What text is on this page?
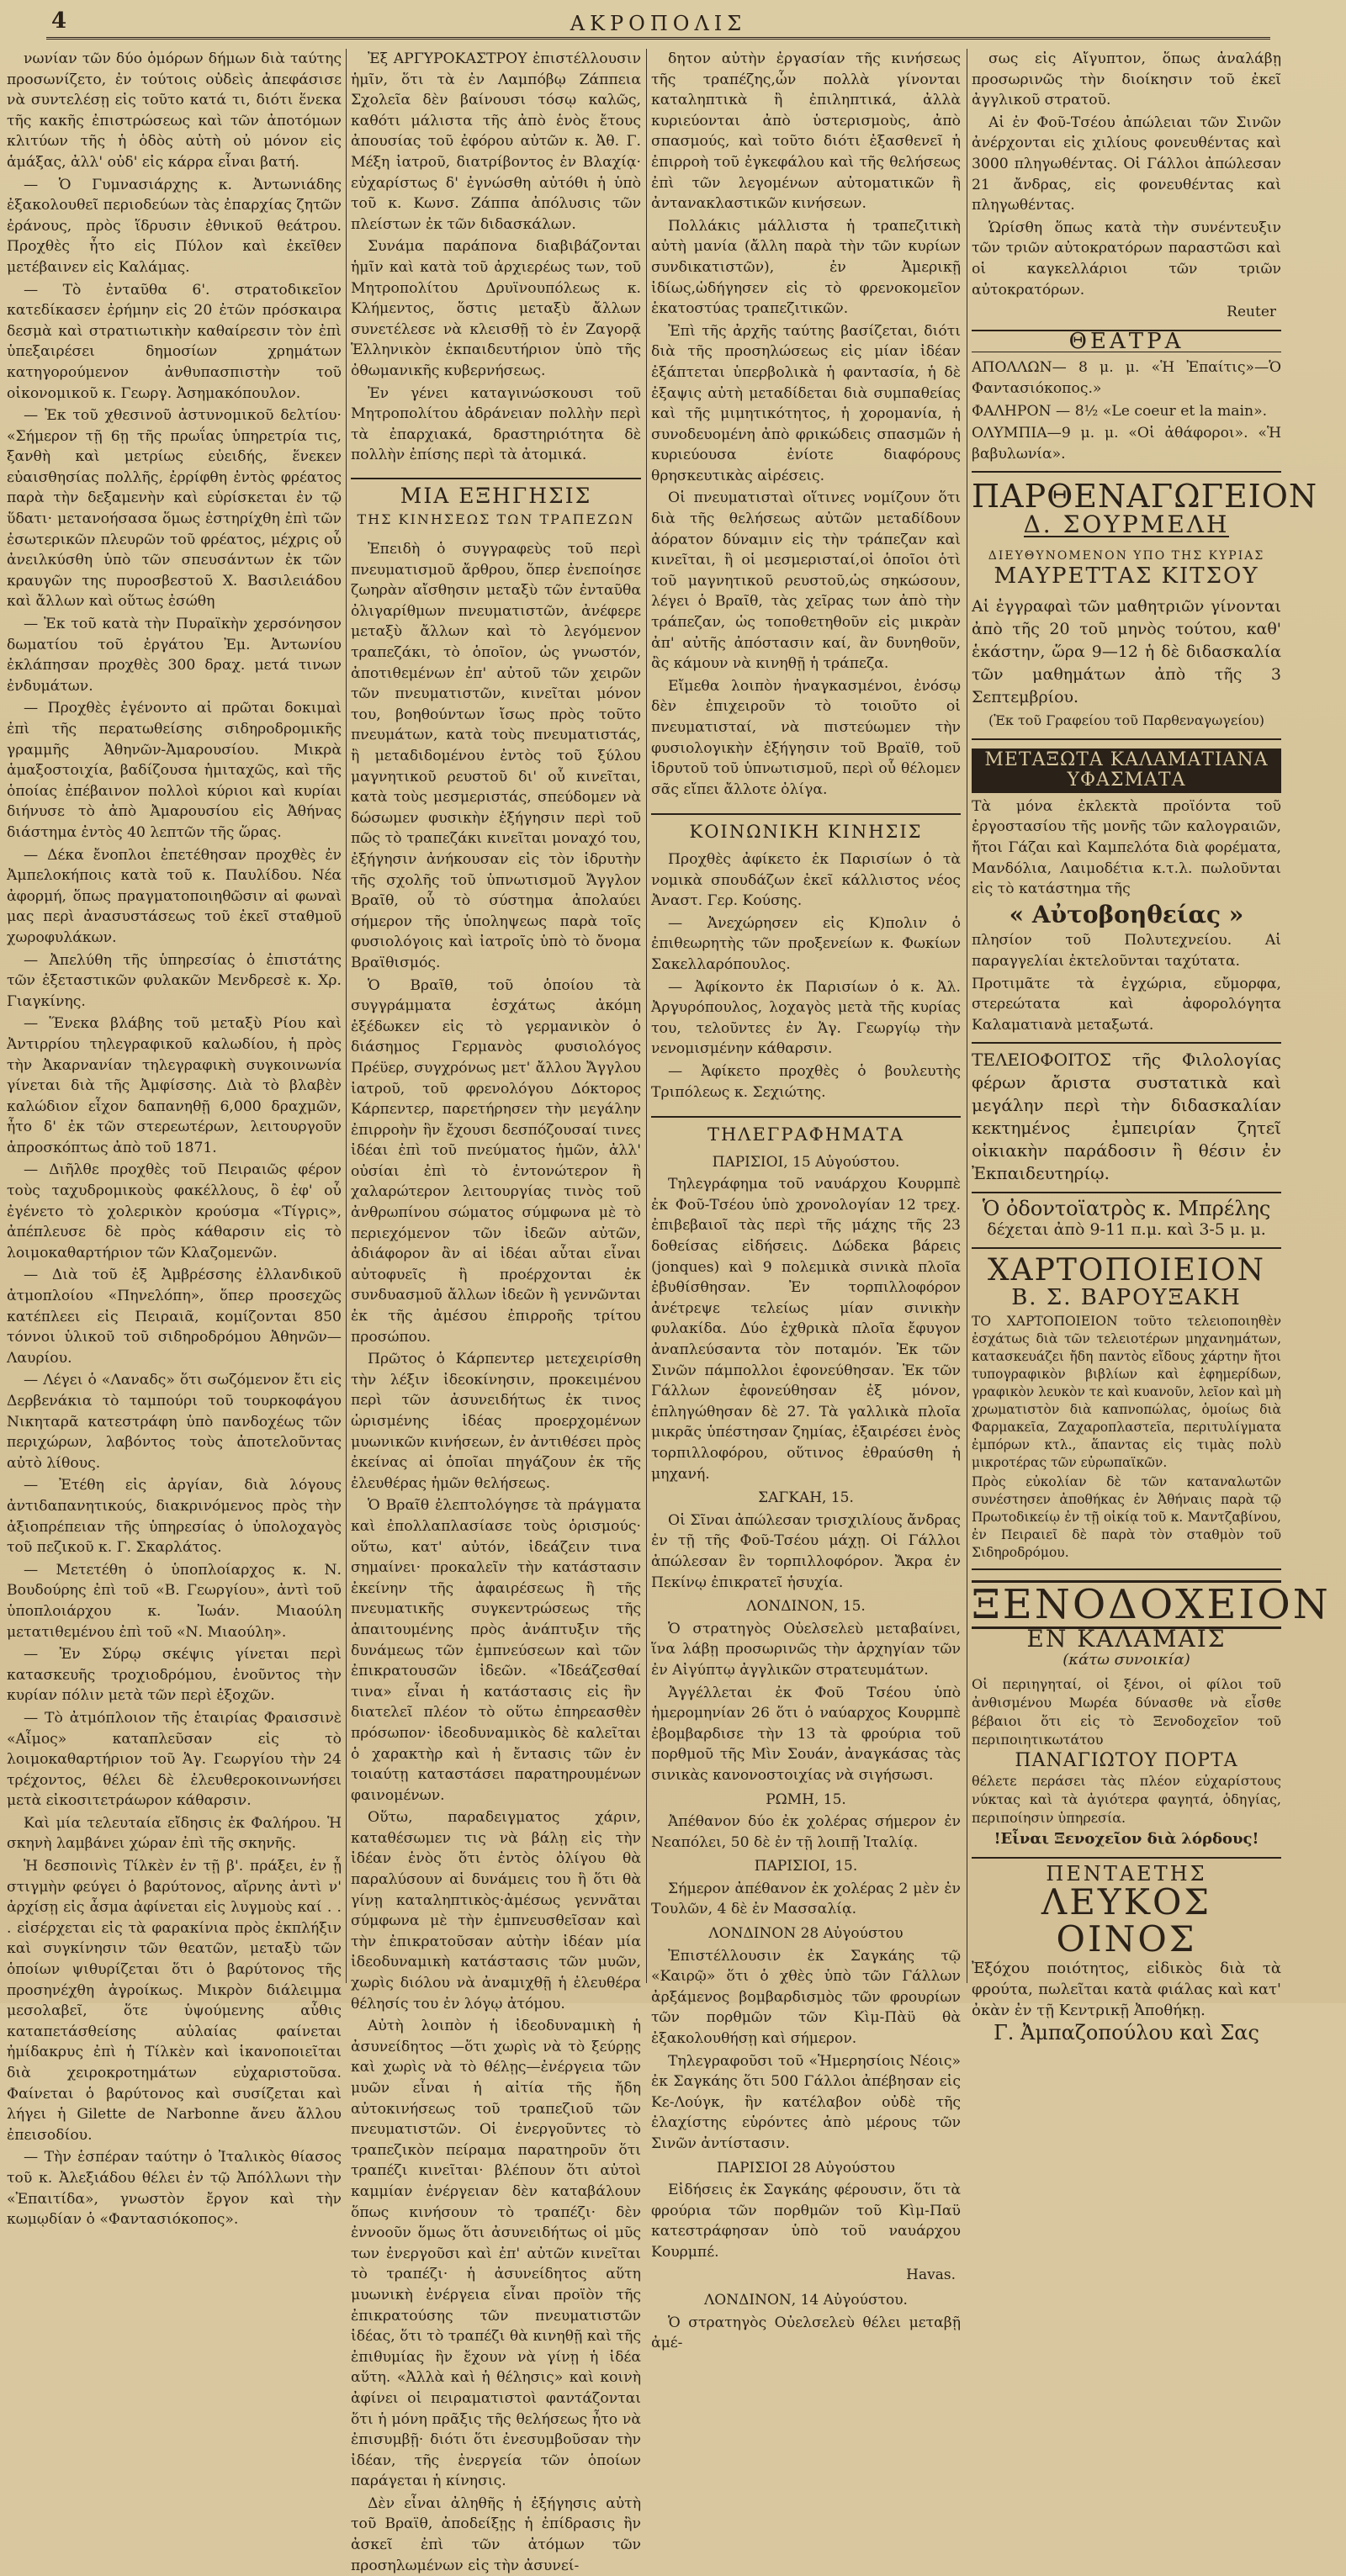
4	ΑΚΡΟΠΟΛΙΣ

νωνίαν τῶν δύο ὁμόρων δήμων διὰ ταύτης προσωνίζετο, ἐν τούτοις οὐδεὶς ἀπεφάσισε νὰ συντελέσῃ εἰς τοῦτο κατά τι, διότι ἕνεκα τῆς κακῆς ἐπιστρώσεως καὶ τῶν ἀποτόμων κλιτύων τῆς ἡ ὁδὸς αὐτὴ οὐ μόνον εἰς ἁμάξας, ἀλλ' οὐδ' εἰς κάρρα εἶναι βατή.

— Ὁ Γυμνασιάρχης κ. Ἀντωνιάδης ἐξακολουθεῖ περιοδεύων τὰς ἐπαρχίας ζητῶν ἐράνους, πρὸς ἵδρυσιν ἐθνικοῦ θεάτρου. Προχθὲς ἦτο εἰς Πύλον καὶ ἐκεῖθεν μετέβαινεν εἰς Καλάμας.

— Τὸ ἐνταῦθα 6'. στρατοδικεῖον κατεδίκασεν ἐρήμην εἰς 20 ἐτῶν πρόσκαιρα δεσμὰ καὶ στρατιωτικὴν καθαίρεσιν τὸν ἐπὶ ὑπεξαιρέσει δημοσίων χρημάτων κατηγορούμενον ἀνθυπασπιστὴν τοῦ οἰκονομικοῦ κ. Γεωργ. Ἀσημακόπουλον.

— Ἐκ τοῦ χθεσινοῦ ἀστυνομικοῦ δελτίου· «Σήμερον τῇ 6ῃ τῆς πρωΐας ὑπηρετρία τις, ξανθὴ καὶ μετρίως εὐειδής, ἕνεκεν εὐαισθησίας πολλῆς, ἐρρίφθη ἐντὸς φρέατος παρὰ τὴν δεξαμενὴν καὶ εὑρίσκεται ἐν τῷ ὕδατι· μετανοήσασα ὅμως ἐστηρίχθη ἐπὶ τῶν ἐσωτερικῶν πλευρῶν τοῦ φρέατος, μέχρις οὗ ἀνειλκύσθη ὑπὸ τῶν σπευσάντων ἐκ τῶν κραυγῶν της πυροσβεστοῦ Χ. Βασιλειάδου καὶ ἄλλων καὶ οὕτως ἐσώθη

— Ἐκ τοῦ κατὰ τὴν Πυραϊκὴν χερσόνησον δωματίου τοῦ ἐργάτου Ἐμ. Ἀντωνίου ἐκλάπησαν προχθὲς 300 δραχ. μετά τινων ἐνδυμάτων.

— Προχθὲς ἐγένοντο αἱ πρῶται δοκιμαὶ ἐπὶ τῆς περατωθείσης σιδηροδρομικῆς γραμμῆς Ἀθηνῶν-Ἀμαρουσίου. Μικρὰ ἁμαξοστοιχία, βαδίζουσα ἡμιταχῶς, καὶ τῆς ὁποίας ἐπέβαινον πολλοὶ κύριοι καὶ κυρίαι διήνυσε τὸ ἀπὸ Ἀμαρουσίου εἰς Ἀθήνας διάστημα ἐντὸς 40 λεπτῶν τῆς ὥρας.

— Δέκα ἔνοπλοι ἐπετέθησαν προχθὲς ἐν Ἀμπελοκήποις κατὰ τοῦ κ. Παυλίδου. Νέα ἀφορμή, ὅπως πραγματοποιηθῶσιν αἱ φωναὶ μας περὶ ἀνασυστάσεως τοῦ ἐκεῖ σταθμοῦ χωροφυλάκων.

— Ἀπελύθη τῆς ὑπηρεσίας ὁ ἐπιστάτης τῶν ἐξεταστικῶν φυλακῶν Μενδρεσὲ κ. Χρ. Γιαγκίνης.

— Ἕνεκα βλάβης τοῦ μεταξὺ Ρίου καὶ Ἀντιρρίου τηλεγραφικοῦ καλωδίου, ἡ πρὸς τὴν Ἀκαρνανίαν τηλεγραφικὴ συγκοινωνία γίνεται διὰ τῆς Ἀμφίσσης. Διὰ τὸ βλαβὲν καλώδιον εἶχον δαπανηθῇ 6,000 δραχμῶν, ἦτο δ' ἐκ τῶν στερεωτέρων, λειτουργοῦν ἀπροσκόπτως ἀπὸ τοῦ 1871.

— Διῆλθε προχθὲς τοῦ Πειραιῶς φέρον τοὺς ταχυδρομικοὺς φακέλλους, ὃ ἐφ' οὗ ἐγένετο τὸ χολερικὸν κρούσμα «Τίγρις», ἀπέπλευσε δὲ πρὸς κάθαρσιν εἰς τὸ λοιμοκαθαρτήριον τῶν Κλαζομενῶν.

— Διὰ τοῦ ἐξ Ἀμβρέσσης ἐλλανδικοῦ ἀτμοπλοίου «Πηνελόπη», ὅπερ προσεχῶς κατέπλεει εἰς Πειραιᾶ, κομίζονται 850 τόννοι ὑλικοῦ τοῦ σιδηροδρόμου Ἀθηνῶν—Λαυρίου.

— Λέγει ὁ «Λαναδς» ὅτι σωζόμενον ἔτι εἰς Δερβενάκια τὸ ταμπούρι τοῦ τουρκοφάγου Νικηταρᾶ κατεστράφη ὑπὸ πανδοχέως τῶν περιχώρων, λαβόντος τοὺς ἀποτελοῦντας αὐτὸ λίθους.

— Ἐτέθη εἰς ἀργίαν, διὰ λόγους ἀντιδαπανητικούς, διακρινόμενος πρὸς τὴν ἀξιοπρέπειαν τῆς ὑπηρεσίας ὁ ὑπολοχαγὸς τοῦ πεζικοῦ κ. Γ. Σκαρλάτος.

— Μετετέθη ὁ ὑποπλοίαρχος κ. Ν. Βουδούρης ἐπὶ τοῦ «Β. Γεωργίου», ἀντὶ τοῦ ὑποπλοιάρχου κ. Ἰωάν. Μιαούλη μετατιθεμένου ἐπὶ τοῦ «Ν. Μιαούλη».

— Ἐν Σύρῳ σκέψις γίνεται περὶ κατασκευῆς τροχιοδρόμου, ἑνοῦντος τὴν κυρίαν πόλιν μετὰ τῶν περὶ ἐξοχῶν.

— Τὸ ἀτμόπλοιον τῆς ἑταιρίας Φραισσινὲ «Αἶμος» καταπλεῦσαν εἰς τὸ λοιμοκαθαρτήριον τοῦ Ἁγ. Γεωργίου τὴν 24 τρέχοντος, θέλει δὲ ἐλευθεροκοινωνήσει μετὰ εἰκοσιτετράωρον κάθαρσιν.

Καὶ μία τελευταία εἴδησις ἐκ Φαλήρου. Ἡ σκηνὴ λαμβάνει χώραν ἐπὶ τῆς σκηνῆς.

Ἡ δεσποινὶς Τίλκὲν ἐν τῇ β'. πράξει, ἐν ᾗ στιγμὴν φεύγει ὁ βαρύτονος, αἴρνης ἀντὶ ν' ἀρχίσῃ εἰς ἆσμα ἀφίνεται εἰς λυγμοὺς καί . . . εἰσέρχεται εἰς τὰ φαρακίνια πρὸς ἐκπλήξιν καὶ συγκίνησιν τῶν θεατῶν, μεταξὺ τῶν ὁποίων ψιθυρίζεται ὅτι ὁ βαρύτονος τῆς προσηνέχθη ἀγροίκως. Μικρὸν διάλειμμα μεσολαβεῖ, ὅτε ὑψούμενης αὖθις καταπετάσθείσης αὐλαίας φαίνεται ἠμίδακρυς ἐπὶ ἡ Τίλκὲν καὶ ἱκανοποιεῖται διὰ χειροκροτημάτων εὐχαριστοῦσα. Φαίνεται ὁ βαρύτονος καὶ συσίζεται καὶ λήγει ἡ Gilette de Narbonne ἄνευ ἄλλου ἐπεισοδίου.

— Τὴν ἑσπέραν ταύτην ὁ Ἰταλικὸς θίασος τοῦ κ. Ἀλεξιάδου θέλει ἐν τῷ Ἀπόλλωνι τὴν «Ἐπαιτίδα», γνωστὸν ἔργον καὶ τὴν κωμῳδίαν ὁ «Φαντασιόκοπος».

Ἐξ ΑΡΓΥΡΟΚΑΣΤΡΟΥ ἐπιστέλλουσιν ἡμῖν, ὅτι τὰ ἐν Λαμπόβῳ Ζάππεια Σχολεῖα δὲν βαίνουσι τόσῳ καλῶς, καθότι μάλιστα τῆς ἀπὸ ἑνὸς ἔτους ἀπουσίας τοῦ ἐφόρου αὐτῶν κ. Ἀθ. Γ. Μέξη ἰατροῦ, διατρίβοντος ἐν Βλαχίᾳ· εὐχαρίστως δ' ἐγνώσθη αὐτόθι ἡ ὑπὸ τοῦ κ. Κωνσ. Ζάππα ἀπόλυσις τῶν πλείστων ἐκ τῶν διδασκάλων.

Συνάμα παράπονα διαβιβάζονται ἡμῖν καὶ κατὰ τοῦ ἀρχιερέως των, τοῦ Μητροπολίτου Δρυϊνουπόλεως κ. Κλήμεντος, ὅστις μεταξὺ ἄλλων συνετέλεσε νὰ κλεισθῇ τὸ ἐν Ζαγορᾷ Ἑλληνικὸν ἐκπαιδευτήριον ὑπὸ τῆς ὀθωμανικῆς κυβερνήσεως.

Ἐν γένει καταγινώσκουσι τοῦ Μητροπολίτου ἀδράνειαν πολλὴν περὶ τὰ ἐπαρχιακά, δραστηριότητα δὲ πολλὴν ἐπίσης περὶ τὰ ἀτομικά.

ΜΙΑ ΕΞΗΓΗΣΙΣ
ΤΗΣ ΚΙΝΗΣΕΩΣ ΤΩΝ ΤΡΑΠΕΖΩΝ

Ἐπειδὴ ὁ συγγραφεὺς τοῦ περὶ πνευματισμοῦ ἄρθρου, ὅπερ ἐνεποίησε ζωηρὰν αἴσθησιν μεταξὺ τῶν ἐνταῦθα ὀλιγαρίθμων πνευματιστῶν, ἀνέφερε μεταξὺ ἄλλων καὶ τὸ λεγόμενον τραπεζάκι, τὸ ὁποῖον, ὡς γνωστόν, ἀποτιθεμένων ἐπ' αὐτοῦ τῶν χειρῶν τῶν πνευματιστῶν, κινεῖται μόνον του, βοηθούντων ἴσως πρὸς τοῦτο πνευμάτων, κατὰ τοὺς πνευματιστάς, ἢ μεταδιδομένου ἐντὸς τοῦ ξύλου μαγνητικοῦ ρευστοῦ δι' οὗ κινεῖται, κατὰ τοὺς μεσμεριστάς, σπεύδομεν νὰ δώσωμεν φυσικὴν ἐξήγησιν περὶ τοῦ πῶς τὸ τραπεζάκι κινεῖται μοναχό του, ἐξήγησιν ἀνήκουσαν εἰς τὸν ἱδρυτὴν τῆς σχολῆς τοῦ ὑπνωτισμοῦ Ἄγγλον Βραῖθ, οὗ τὸ σύστημα ἀπολαύει σήμερον τῆς ὑποληψεως παρὰ τοῖς φυσιολόγοις καὶ ἰατροῖς ὑπὸ τὸ ὄνομα Βραϊθισμός.

Ὁ Βραῖθ, τοῦ ὁποίου τὰ συγγράμματα ἐσχάτως ἀκόμη ἐξέδωκεν εἰς τὸ γερμανικὸν ὁ διάσημος Γερμανὸς φυσιολόγος Πρέϋερ, συγχρόνως μετ' ἄλλου Ἄγγλου ἰατροῦ, τοῦ φρενολόγου Δόκτορος Κάρπεντερ, παρετήρησεν τὴν μεγάλην ἐπιρροὴν ἣν ἔχουσι δεσπόζουσαί τινες ἰδέαι ἐπὶ τοῦ πνεύματος ἡμῶν, ἀλλ' οὐσίαι ἐπὶ τὸ ἐντονώτερον ἢ χαλαρώτερον λειτουργίας τινὸς τοῦ ἀνθρωπίνου σώματος σύμφωνα μὲ τὸ περιεχόμενον τῶν ἰδεῶν αὐτῶν, ἀδιάφορον ἂν αἱ ἰδέαι αὗται εἶναι αὐτοφυεῖς ἢ προέρχονται ἐκ συνδυασμοῦ ἄλλων ἰδεῶν ἢ γεννῶνται ἐκ τῆς ἀμέσου ἐπιρροῆς τρίτου προσώπου.

Πρῶτος ὁ Κάρπεντερ μετεχειρίσθη τὴν λέξιν ἰδεοκίνησιν, προκειμένου περὶ τῶν ἀσυνειδήτως ἐκ τινος ὡρισμένης ἰδέας προερχομένων μυωνικῶν κινήσεων, ἐν ἀντιθέσει πρὸς ἐκείνας αἱ ὁποῖαι πηγάζουν ἐκ τῆς ἐλευθέρας ἡμῶν θελήσεως.

Ὁ Βραῖθ ἐλεπτολόγησε τὰ πράγματα καὶ ἐπολλαπλασίασε τοὺς ὁρισμούς· οὕτω, κατ' αὐτόν, ἰδεάζειν τινα σημαίνει· προκαλεῖν τὴν κατάστασιν ἐκείνην τῆς ἀφαιρέσεως ἢ τῆς πνευματικῆς συγκεντρώσεως τῆς ἀπαιτουμένης πρὸς ἀνάπτυξιν τῆς δυνάμεως τῶν ἐμπνεύσεων καὶ τῶν ἐπικρατουσῶν ἰδεῶν. «Ἰδεάζεσθαί τινα» εἶναι ἡ κατάστασις εἰς ἣν διατελεῖ πλέον τὸ οὕτω ἐπηρεασθὲν πρόσωπον· ἰδεοδυναμικὸς δὲ καλεῖται ὁ χαρακτὴρ καὶ ἡ ἔντασις τῶν ἐν τοιαύτῃ καταστάσει παρατηρουμένων φαινομένων.

Οὕτω, παραδειγματος χάριν, καταθέσωμεν τις νὰ βάλῃ εἰς τὴν ἰδέαν ἑνὸς ὅτι ἐντὸς ὀλίγου θὰ παραλύσουν αἱ δυνάμεις του ἢ ὅτι θὰ γίνῃ καταληπτικὸς·ἀμέσως γεννᾶται σύμφωνα μὲ τὴν ἐμπνευσθεῖσαν καὶ τὴν ἐπικρατοῦσαν αὐτὴν ἰδέαν μία ἰδεοδυναμικὴ κατάστασις τῶν μυῶν, χωρὶς διόλου νὰ ἀναμιχθῇ ἡ ἐλευθέρα θέλησίς του ἐν λόγῳ ἀτόμου.

Αὐτὴ λοιπὸν ἡ ἰδεοδυναμικὴ ἡ ἀσυνείδητος —ὅτι χωρὶς νὰ τὸ ξεύρῃς καὶ χωρὶς νὰ τὸ θέλῃς—ἐνέργεια τῶν μυῶν εἶναι ἡ αἰτία τῆς ἤδη αὐτοκινήσεως τοῦ τραπεζιοῦ τῶν πνευματιστῶν. Οἱ ἐνεργοῦντες τὸ τραπεζικὸν πείραμα παρατηροῦν ὅτι τραπέζι κινεῖται· βλέπουν ὅτι αὐτοὶ καμμίαν ἐνέργειαν δὲν καταβάλουν ὅπως κινήσουν τὸ τραπέζι· δὲν ἐννοοῦν ὅμως ὅτι ἀσυνειδήτως οἱ μῦς των ἐνεργοῦσι καὶ ἐπ' αὐτῶν κινεῖται τὸ τραπέζι· ἡ ἀσυνείδητος αὕτη μυωνικὴ ἐνέργεια εἶναι προϊὸν τῆς ἐπικρατούσης τῶν πνευματιστῶν ἰδέας, ὅτι τὸ τραπέζι θὰ κινηθῇ καὶ τῆς ἐπιθυμίας ἣν ἔχουν νὰ γίνῃ ἡ ἰδέα αὕτη. «Ἀλλὰ καὶ ἡ θέλησις» καὶ κοινὴ ἀφίνει οἱ πειραματιστοὶ φαντάζονται ὅτι ἡ μόνη πρᾶξις τῆς θελήσεως ἦτο νὰ ἐπισυμβῇ· διότι ὅτι ἐνεσυμβοῦσαν τὴν ἰδέαν, τῆς ἐνεργεία τῶν ὁποίων παράγεται ἡ κίνησις.

Δὲν εἶναι ἀληθῆς ἡ ἐξήγησις αὐτὴ τοῦ Βραϊθ, ἀποδείξῃς ἡ ἐπίδρασις ἢν ἀσκεῖ ἐπὶ τῶν ἀτόμων τῶν προσηλωμένων εἰς τὴν ἀσυνεί-

δητον αὐτὴν ἐργασίαν τῆς κινήσεως τῆς τραπέζης,ὧν πολλὰ γίνονται καταληπτικὰ ἢ ἐπιληπτικά, ἀλλὰ κυριεύονται ἀπὸ ὑστερισμοὺς, ἀπὸ σπασμούς, καὶ τοῦτο διότι ἐξασθενεῖ ἡ ἐπιρροὴ τοῦ ἐγκεφάλου καὶ τῆς θελήσεως ἐπὶ τῶν λεγομένων αὐτοματικῶν ἢ ἀντανακλαστικῶν κινήσεων.

Πολλάκις μάλλιστα ἡ τραπεζιτικὴ αὐτὴ μανία (ἄλλη παρὰ τὴν τῶν κυρίων συνδικατιστῶν), ἐν Ἀμερικῇ ἰδίως,ὡδήγησεν εἰς τὸ φρενοκομεῖον ἑκατοστύας τραπεζιτικῶν.

Ἐπὶ τῆς ἀρχῆς ταύτης βασίζεται, διότι διὰ τῆς προσηλώσεως εἰς μίαν ἰδέαν ἐξάπτεται ὑπερβολικὰ ἡ φαντασία, ἡ δὲ ἐξαψις αὐτὴ μεταδίδεται διὰ συμπαθείας καὶ τῆς μιμητικότητος, ἡ χορομανία, ἡ συνοδευομένη ἀπὸ φρικώδεις σπασμῶν ἡ κυριεύουσα ἐνίοτε διαφόρους θρησκευτικὰς αἱρέσεις.

Οἱ πνευματισταὶ οἵτινες νομίζουν ὅτι διὰ τῆς θελήσεως αὐτῶν μεταδίδουν ἀόρατον δύναμιν εἰς τὴν τράπεζαν καὶ κινεῖται, ἢ οἱ μεσμερισταί,οἱ ὁποῖοι ὁτὶ τοῦ μαγνητικοῦ ρευστοῦ,ὡς σηκώσουν, λέγει ὁ Βραῖθ, τὰς χεῖρας των ἀπὸ τὴν τράπεζαν, ὡς τοποθετηθοῦν εἰς μικρὰν ἀπ' αὐτῆς ἀπόστασιν καί, ἂν δυνηθοῦν, ἂς κάμουν νὰ κινηθῇ ἡ τράπεζα.

Εἴμεθα λοιπὸν ἠναγκασμένοι, ἐνόσῳ δὲν ἐπιχειροῦν τὸ τοιοῦτο οἱ πνευματισταί, νὰ πιστεύωμεν τὴν φυσιολογικὴν ἐξήγησιν τοῦ Βραϊθ, τοῦ ἱδρυτοῦ τοῦ ὑπνωτισμοῦ, περὶ οὗ θέλομεν σᾶς εἴπει ἄλλοτε ὀλίγα.

ΚΟΙΝΩΝΙΚΗ ΚΙΝΗΣΙΣ

Προχθὲς ἀφίκετο ἐκ Παρισίων ὁ τὰ νομικὰ σπουδάζων ἐκεῖ κάλλιστος νέος Ἀναστ. Γερ. Κούσης.

— Ἀνεχώρησεν εἰς Κ)πολιν ὁ ἐπιθεωρητὴς τῶν προξενείων κ. Φωκίων Σακελλαρόπουλος.

— Ἀφίκοντο ἐκ Παρισίων ὁ κ. Ἀλ. Ἀργυρόπουλος, λοχαγὸς μετὰ τῆς κυρίας του, τελοῦντες ἐν Ἁγ. Γεωργίῳ τὴν νενομισμένην κάθαρσιν.

— Ἀφίκετο προχθὲς ὁ βουλευτὴς Τριπόλεως κ. Σεχιώτης.

ΤΗΛΕΓΡΑΦΗΜΑΤΑ
ΠΑΡΙΣΙΟΙ, 15 Αὐγούστου.

Τηλεγράφημα τοῦ ναυάρχου Κουρμπὲ ἐκ Φοῦ-Τσέου ὑπὸ χρονολογίαν 12 τρεχ. ἐπιβεβαιοῖ τὰς περὶ τῆς μάχης τῆς 23 δοθείσας εἰδήσεις. Δώδεκα βάρεις (jonques) καὶ 9 πολεμικὰ σινικὰ πλοῖα ἐβυθίσθησαν. Ἐν τορπιλλοφόρον ἀνέτρεψε τελείως μίαν σινικὴν φυλακίδα. Δύο ἐχθρικὰ πλοῖα ἔφυγον ἀναπλεύσαντα τὸν ποταμόν. Ἐκ τῶν Σινῶν πάμπολλοι ἐφονεύθησαν. Ἐκ τῶν Γάλλων ἐφονεύθησαν ἐξ μόνον, ἐπληγώθησαν δὲ 27. Τὰ γαλλικὰ πλοῖα μικρᾶς ὑπέστησαν ζημίας, ἐξαιρέσει ἑνὸς τορπιλλοφόρου, οὕτινος ἐθραύσθη ἡ μηχανή.

ΣΑΓΚΑΗ, 15.

Οἱ Σῖναι ἀπώλεσαν τρισχιλίους ἄνδρας ἐν τῇ τῆς Φοῦ-Τσέου μάχῃ. Οἱ Γάλλοι ἀπώλεσαν ἓν τορπιλλοφόρον. Ἄκρα ἐν Πεκίνῳ ἐπικρατεῖ ἡσυχία.

ΛΟΝΔΙΝΟΝ, 15.

Ὁ στρατηγὸς Οὐελσελεὺ μεταβαίνει, ἵνα λάβῃ προσωρινῶς τὴν ἀρχηγίαν τῶν ἐν Αἰγύπτῳ ἀγγλικῶν στρατευμάτων.

Ἀγγέλλεται ἐκ Φοῦ Τσέου ὑπὸ ἡμερομηνίαν 26 ὅτι ὁ ναύαρχος Κουρμπὲ ἐβομβαρδισε τὴν 13 τὰ φρούρια τοῦ πορθμοῦ τῆς Μὶν Σουάν, ἀναγκάσας τὰς σινικὰς κανονοστοιχίας νὰ σιγήσωσι.

ΡΩΜΗ, 15.

Ἀπέθανον δύο ἐκ χολέρας σήμερον ἐν Νεαπόλει, 50 δὲ ἐν τῇ λοιπῇ Ἰταλίᾳ.

ΠΑΡΙΣΙΟΙ, 15.

Σήμερον ἀπέθανον ἐκ χολέρας 2 μὲν ἐν Τουλῶν, 4 δὲ ἐν Μασσαλίᾳ.

ΛΟΝΔΙΝΟΝ 28 Αὐγούστου

Ἐπιστέλλουσιν ἐκ Σαγκάης τῷ «Καιρῷ» ὅτι ὁ χθὲς ὑπὸ τῶν Γάλλων ἀρξάμενος βομβαρδισμὸς τῶν φρουρίων τῶν πορθμῶν τῶν Κὶμ-Πὰϋ θὰ ἐξακολουθήσῃ καὶ σήμερον.

Τηλεγραφοῦσι τοῦ «Ἡμερησίοις Νέοις» ἐκ Σαγκάης ὅτι 500 Γάλλοι ἀπέβησαν εἰς Κε-Λούγκ, ἣν κατέλαβον οὐδὲ τῆς ἐλαχίστης εὑρόντες ἀπὸ μέρους τῶν Σινῶν ἀντίστασιν.

ΠΑΡΙΣΙΟΙ 28 Αὐγούστου

Εἰδήσεις ἐκ Σαγκάης φέρουσιν, ὅτι τὰ φρούρια τῶν πορθμῶν τοῦ Κὶμ-Παϋ κατεστράφησαν ὑπὸ τοῦ ναυάρχου Κουρμπέ.

Havas.
ΛΟΝΔΙΝΟΝ, 14 Αὐγούστου.

Ὁ στρατηγὸς Οὐελσελεὺ θέλει μεταβῇ ἀμέ-

σως εἰς Αἴγυπτον, ὅπως ἀναλάβῃ προσωρινῶς τὴν διοίκησιν τοῦ ἐκεῖ ἀγγλικοῦ στρατοῦ.

Αἱ ἐν Φοῦ-Τσέου ἀπώλειαι τῶν Σινῶν ἀνέρχονται εἰς χιλίους φονευθέντας καὶ 3000 πληγωθέντας. Οἱ Γάλλοι ἀπώλεσαν 21 ἄνδρας, εἰς φονευθέντας καὶ πληγωθέντας.

Ὡρίσθη ὅπως κατὰ τὴν συνέντευξιν τῶν τριῶν αὐτοκρατόρων παραστῶσι καὶ οἱ καγκελλάριοι τῶν τριῶν αὐτοκρατόρων.

Reuter
ΘΕΑΤΡΑ

ΑΠΟΛΛΩΝ— 8 μ. μ. «Ἡ Ἐπαίτις»—Ὁ Φαντασιόκοπος.»

ΦΑΛΗΡΟΝ — 8½ «Le coeur et la main».

ΟΛΥΜΠΙΑ—9 μ. μ. «Οἱ ἀθάφοροι». «Ἡ βαβυλωνία».

ΠΑΡΘΕΝΑΓΩΓΕΙΟΝ
Δ. ΣΟΥΡΜΕΛΗ
ΔΙΕΥΘΥΝΟΜΕΝΟΝ ΥΠΟ ΤΗΣ ΚΥΡΙΑΣ
ΜΑΥΡΕΤΤΑΣ ΚΙΤΣΟΥ

Αἱ ἐγγραφαὶ τῶν μαθητριῶν γίνονται ἀπὸ τῆς 20 τοῦ μηνὸς τούτου, καθ' ἑκάστην, ὥρα 9—12 ἡ δὲ διδασκαλία τῶν μαθημάτων ἀπὸ τῆς 3 Σεπτεμβρίου.

(Ἐκ τοῦ Γραφείου τοῦ Παρθεναγωγείου)
ΜΕΤΑΞΩΤΑ ΚΑΛΑΜΑΤΙΑΝΑ ΥΦΑΣΜΑΤΑ

Τὰ μόνα ἐκλεκτὰ προϊόντα τοῦ ἐργοστασίου τῆς μονῆς τῶν καλογραιῶν, ἤτοι Γάζαι καὶ Καμπελότα διὰ φορέματα, Μανδόλια, Λαιμοδέτια κ.τ.λ. πωλοῦνται εἰς τὸ κατάστημα τῆς

« Αὐτοβοηθείας »

πλησίον τοῦ Πολυτεχνείου. Αἱ παραγγελίαι ἐκτελοῦνται ταχύτατα.

Προτιμᾶτε τὰ ἐγχώρια, εὔμορφα, στερεώτατα καὶ ἀφορολόγητα Καλαματιανὰ μεταξωτά.

ΤΕΛΕΙΟΦΟΙΤΟΣ τῆς Φιλολογίας φέρων ἄριστα συστατικὰ καὶ μεγάλην περὶ τὴν διδασκαλίαν κεκτημένος ἐμπειρίαν ζητεῖ οἰκιακὴν παράδοσιν ἢ θέσιν ἐν Ἐκπαιδευτηρίῳ.

Ὁ ὀδοντοϊατρὸς κ. Μπρέλης
δέχεται ἀπὸ 9-11 π.μ. καὶ 3-5 μ. μ.
ΧΑΡΤΟΠΟΙΕΙΟΝ
Β. Σ. ΒΑΡΟΥΞΑΚΗ

ΤΟ ΧΑΡΤΟΠΟΙΕΙΟΝ τοῦτο τελειοποιηθὲν ἐσχάτως διὰ τῶν τελειοτέρων μηχανημάτων, κατασκευάζει ἤδη παντὸς εἴδους χάρτην ἤτοι τυπογραφικὸν βιβλίων καὶ ἐφημερίδων, γραφικὸν λευκὸν τε καὶ κυανοῦν, λεῖον καὶ μὴ χρωματιστὸν διὰ καπνοπώλας, ὁμοίως διὰ Φαρμακεῖα, Ζαχαροπλαστεῖα, περιτυλίγματα ἐμπόρων κτλ., ἅπαντας εἰς τιμὰς πολὺ μικροτέρας τῶν εὐρωπαϊκῶν.

Πρὸς εὐκολίαν δὲ τῶν καταναλωτῶν συνέστησεν ἀποθήκας ἐν Ἀθήναις παρὰ τῷ Πρωτοδικείῳ ἐν τῇ οἰκίᾳ τοῦ κ. Μαντζαβίνου, ἐν Πειραιεῖ δὲ παρὰ τὸν σταθμὸν τοῦ Σιδηροδρόμου.

ΞΕΝΟΔΟΧΕΙΟΝ
ΕΝ ΚΑΛΑΜΑΙΣ
(κάτω συνοικία)

Οἱ περιηγηταί, οἱ ξένοι, οἱ φίλοι τοῦ ἀνθισμένου Μωρέα δύνασθε νὰ εἶσθε βέβαιοι ὅτι εἰς τὸ Ξενοδοχεῖον τοῦ περιποιητικωτάτου

ΠΑΝΑΓΙΩΤΟΥ ΠΟΡΤΑ

θέλετε περάσει τὰς πλέον εὐχαρίστους νύκτας καὶ τὰ ἀγιότερα φαγητά, ὁδηγίας, περιποίησιν ὑπηρεσία.

!Εἶναι Ξενοχεῖον διὰ λόρδους!
ΠΕΝΤΑΕΤΗΣ
ΛΕΥΚΟΣ ΟΙΝΟΣ

Ἐξόχου ποιότητος, εἰδικὸς διὰ τὰ φρούτα, πωλεῖται κατὰ φιάλας καὶ κατ' ὀκὰν ἐν τῇ Κεντρικῇ Ἀποθήκῃ.

Γ. Ἀμπαζοπούλου καὶ Σας
